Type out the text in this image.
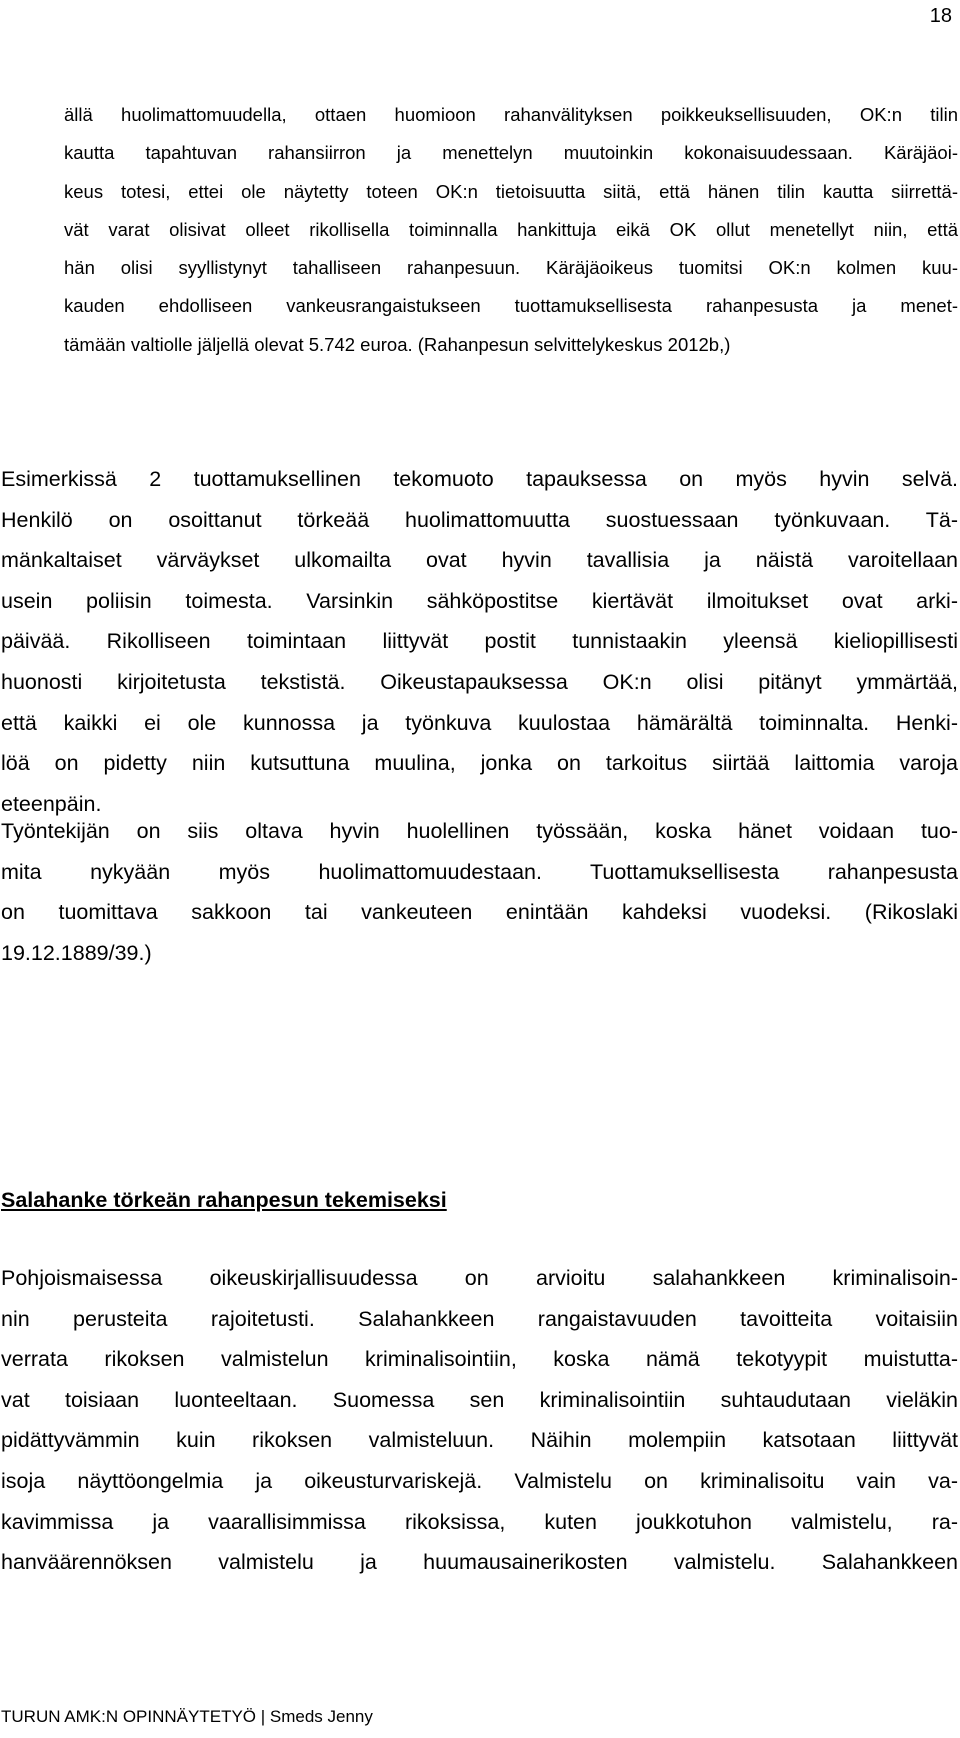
18
ällä huolimattomuudella, ottaen huomioon rahanvälityksen poikkeuksellisuuden, OK:n tilin
kautta tapahtuvan rahansiirron ja menettelyn muutoinkin kokonaisuudessaan. Käräjäoi-
keus totesi, ettei ole näytetty toteen OK:n tietoisuutta siitä, että hänen tilin kautta siirrettä-
vät varat olisivat olleet rikollisella toiminnalla hankittuja eikä OK ollut menetellyt niin, että
hän olisi syyllistynyt tahalliseen rahanpesuun. Käräjäoikeus tuomitsi OK:n kolmen kuu-
kauden ehdolliseen vankeusrangaistukseen tuottamuksellisesta rahanpesusta ja menet-
tämään valtiolle jäljellä olevat 5.742 euroa. (Rahanpesun selvittelykeskus 2012b,)
Esimerkissä 2 tuottamuksellinen tekomuoto tapauksessa on myös hyvin selvä.
Henkilö on osoittanut törkeää huolimattomuutta suostuessaan työnkuvaan. Tä-
mänkaltaiset värväykset ulkomailta ovat hyvin tavallisia ja näistä varoitellaan
usein poliisin toimesta. Varsinkin sähköpostitse kiertävät ilmoitukset ovat arki-
päivää. Rikolliseen toimintaan liittyvät postit tunnistaakin yleensä kieliopillisesti
huonosti kirjoitetusta tekstistä. Oikeustapauksessa OK:n olisi pitänyt ymmärtää,
että kaikki ei ole kunnossa ja työnkuva kuulostaa hämärältä toiminnalta. Henki-
löä on pidetty niin kutsuttuna muulina, jonka on tarkoitus siirtää laittomia varoja
eteenpäin.
Työntekijän on siis oltava hyvin huolellinen työssään, koska hänet voidaan tuo-
mita nykyään myös huolimattomuudestaan. Tuottamuksellisesta rahanpesusta
on tuomittava sakkoon tai vankeuteen enintään kahdeksi vuodeksi. (Rikoslaki
19.12.1889/39.)
Salahanke törkeän rahanpesun tekemiseksi
Pohjoismaisessa oikeuskirjallisuudessa on arvioitu salahankkeen kriminalisoin-
nin perusteita rajoitetusti. Salahankkeen rangaistavuuden tavoitteita voitaisiin
verrata rikoksen valmistelun kriminalisointiin, koska nämä tekotyypit muistutta-
vat toisiaan luonteeltaan. Suomessa sen kriminalisointiin suhtaudutaan vieläkin
pidättyvämmin kuin rikoksen valmisteluun. Näihin molempiin katsotaan liittyvät
isoja näyttöongelmia ja oikeusturvariskejä. Valmistelu on kriminalisoitu vain va-
kavimmissa ja vaarallisimmissa rikoksissa, kuten joukkotuhon valmistelu, ra-
hanväärennöksen valmistelu ja huumausainerikosten valmistelu. Salahankkeen
TURUN AMK:N OPINNÄYTETYÖ | Smeds Jenny
